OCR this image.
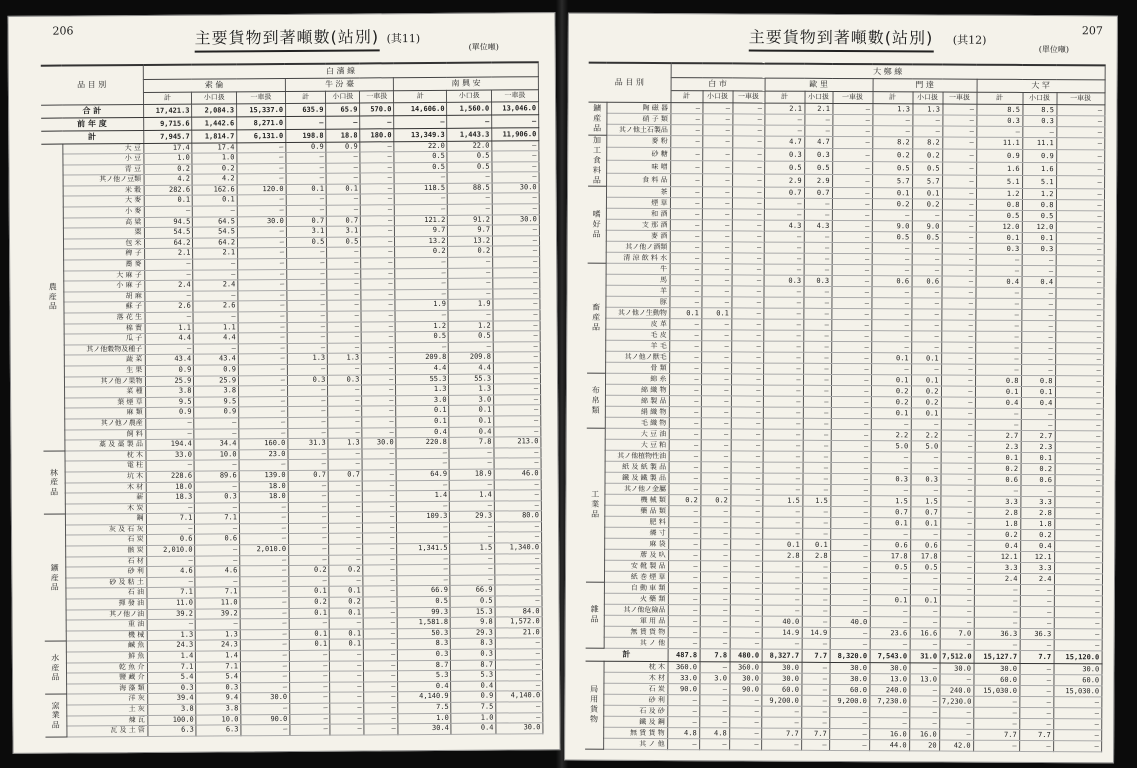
206	主要貨物到著噸數(站別) (其11)
(單位噸)
品 目 別		白 濱 線								
		索 倫			牛 汾 臺			南 興 安		
		計	小口扱	一車扱	計	小口扱	一車扱	計	小口扱	一車扱
合 計		17,421.3	2,084.3	15,337.0	635.9	65.9	570.0	14,606.0	1,560.0	13,046.0
前 年 度		9,715.6	1,442.6	8,271.0	—	—	—	—	—	—
計		7,945.7	1,814.7	6,131.0	198.8	18.8	180.0	13,349.3	1,443.3	11,906.0
農 産 品	大 豆	17.4	17.4	—	0.9	0.9	—	22.0	22.0	—
	小 豆	1.0	1.0	—	—	—	—	0.5	0.5	—
	青 豆	0.2	0.2	—	—	—	—	0.5	0.5	—
	其ノ他ノ豆類	4.2	4.2	—	—	—	—	—	—	—
	米 穀	282.6	162.6	120.0	0.1	0.1	—	118.5	88.5	30.0
	大 麥	0.1	0.1	—	—	—	—	—	—	—
	小 麥	—	—	—	—	—	—	—	—	—
	高 粱	94.5	64.5	30.0	0.7	0.7	—	121.2	91.2	30.0
	粟	54.5	54.5	—	3.1	3.1	—	9.7	9.7	—
	包 米	64.2	64.2	—	0.5	0.5	—	13.2	13.2	—
	稗 子	2.1	2.1	—	—	—	—	0.2	0.2	—
	蕎 麥	—	—	—	—	—	—	—	—	—
	大 麻 子	—	—	—	—	—	—	—	—	—
	小 麻 子	2.4	2.4	—	—	—	—	—	—	—
	胡 麻	—	—	—	—	—	—	—	—	—
	蘇 子	2.6	2.6	—	—	—	—	1.9	1.9	—
	落 花 生	—	—	—	—	—	—	—	—	—
	棉 實	1.1	1.1	—	—	—	—	1.2	1.2	—
	瓜 子	4.4	4.4	—	—	—	—	0.5	0.5	—
	其ノ他穀物及種子	—	—	—	—	—	—	—	—	—
	蔬 菜	43.4	43.4	—	1.3	1.3	—	209.8	209.8	—
	生 果	0.9	0.9	—	—	—	—	4.4	4.4	—
	其ノ他ノ果物	25.9	25.9	—	0.3	0.3	—	55.3	55.3	—
	菜 種	3.8	3.8	—	—	—	—	1.3	1.3	—
	葉 煙 草	9.5	9.5	—	—	—	—	3.0	3.0	—
	麻 類	0.9	0.9	—	—	—	—	0.1	0.1	—
	其ノ他ノ農産	—	—	—	—	—	—	0.1	0.1	—
	飼 料	—	—	—	—	—	—	0.4	0.4	—
	藁 及 藁 製 品	194.4	34.4	160.0	31.3	1.3	30.0	220.8	7.8	213.0
林 産 品	枕 木	33.0	10.0	23.0	—	—	—	—	—	—
	電 柱	—	—	—	—	—	—	—	—	—
	坑 木	228.6	89.6	139.0	0.7	0.7	—	64.9	18.9	46.0
	木 材	18.0	—	18.0	—	—	—	—	—	—
	薪	18.3	0.3	18.0	—	—	—	1.4	1.4	—
	木 炭	—	—	—	—	—	—	—	—	—
鑛 産 品	鋼	7.1	7.1	—	—	—	—	109.3	29.3	80.0
	灰 及 石 灰	—	—	—	—	—	—	—	—	—
	石 炭	0.6	0.6	—	—	—	—	—	—	—
	骸 炭	2,010.0	—	2,010.0	—	—	—	1,341.5	1.5	1,340.0
	石 材	—	—	—	—	—	—	—	—	—
	砂 利	4.6	4.6	—	0.2	0.2	—	—	—	—
	砂 及 粘 土	—	—	—	—	—	—	—	—	—
	石 油	7.1	7.1	—	0.1	0.1	—	66.9	66.9	—
	揮 發 油	11.0	11.0	—	0.2	0.2	—	0.5	0.5	—
	其ノ他ノ油	39.2	39.2	—	0.1	0.1	—	99.3	15.3	84.0
	重 油	—	—	—	—	—	—	1,581.8	9.8	1,572.0
	機 械	1.3	1.3	—	0.1	0.1	—	50.3	29.3	21.0
水 産 品	鹹 魚	24.3	24.3	—	0.1	0.1	—	8.3	8.3	—
	鮮 魚	1.4	1.4	—	—	—	—	0.3	0.3	—
	乾 魚 介	7.1	7.1	—	—	—	—	8.7	8.7	—
	鹽 藏 介	5.4	5.4	—	—	—	—	5.3	5.3	—
	海 藻 類	0.3	0.3	—	—	—	—	0.4	0.4	—
窯 業 品	洋 灰	39.4	9.4	30.0	—	—	—	4,140.9	0.9	4,140.0
	土 灰	3.8	3.8	—	—	—	—	7.5	7.5	—
	煉 瓦	100.0	10.0	90.0	—	—	—	1.0	1.0	—
	瓦 及 土 管	6.3	6.3	—	—	—	—	30.4	0.4	30.0
207
主要貨物到著噸數(站別) (其12)
(單位噸)
品 目 別		大 鄭 線											
		白 市			歐 里			門 達			大 罕		
		計	小口扱	一車扱	計	小口扱	一車扱	計	小口扱	一車扱	計	小口扱	一車扱
鑛 産 品	陶 磁 器	—	—	—	2.1	2.1	—	1.3	1.3	—	8.5	8.5	—
	硝 子 類	—	—	—	—	—	—	—	—	—	0.3	0.3	—
	其ノ他土石製品	—	—	—	—	—	—	—	—	—	—	—	—
加工食料品	麥 粉	—	—	—	4.7	4.7	—	8.2	8.2	—	11.1	11.1	—
	砂 糖	—	—	—	0.3	0.3	—	0.2	0.2	—	0.9	0.9	—
	味 噌	—	—	—	0.5	0.5	—	0.5	0.5	—	1.6	1.6	—
	食 料 品	—	—	—	2.9	2.9	—	5.7	5.7	—	5.1	5.1	—
嗜 好 品	茶	—	—	—	0.7	0.7	—	0.1	0.1	—	1.2	1.2	—
	煙 草	—	—	—	—	—	—	0.2	0.2	—	0.8	0.8	—
	和 酒	—	—	—	—	—	—	—	—	—	0.5	0.5	—
	支 那 酒	—	—	—	4.3	4.3	—	9.0	9.0	—	12.0	12.0	—
	麥 酒	—	—	—	—	—	—	0.5	0.5	—	0.1	0.1	—
	其ノ他ノ酒類	—	—	—	—	—	—	—	—	—	0.3	0.3	—
	清 涼 飲 料 水	—	—	—	—	—	—	—	—	—	—	—	—
畜 産 品	牛	—	—	—	—	—	—	—	—	—	—	—	—
	馬	—	—	—	0.3	0.3	—	0.6	0.6	—	0.4	0.4	—
	羊	—	—	—	—	—	—	—	—	—	—	—	—
	豚	—	—	—	—	—	—	—	—	—	—	—	—
	其ノ他ノ生動物	0.1	0.1	—	—	—	—	—	—	—	—	—	—
	皮 革	—	—	—	—	—	—	—	—	—	—	—	—
	毛 皮	—	—	—	—	—	—	—	—	—	—	—	—
	羊 毛	—	—	—	—	—	—	—	—	—	—	—	—
	其ノ他ノ獸毛	—	—	—	—	—	—	0.1	0.1	—	—	—	—
	骨 類	—	—	—	—	—	—	—	—	—	—	—	—
布 帛 類	綿 糸	—	—	—	—	—	—	0.1	0.1	—	0.8	0.8	—
	綿 織 物	—	—	—	—	—	—	0.2	0.2	—	0.1	0.1	—
	綿 製 品	—	—	—	—	—	—	0.2	0.2	—	0.4	0.4	—
	絹 織 物	—	—	—	—	—	—	0.1	0.1	—	—	—	—
	毛 織 物	—	—	—	—	—	—	—	—	—	—	—	—
工 業 品	大 豆 油	—	—	—	—	—	—	2.2	2.2	—	2.7	2.7	—
	大 豆 粕	—	—	—	—	—	—	5.0	5.0	—	2.3	2.3	—
	其ノ他植物性油	—	—	—	—	—	—	—	—	—	0.1	0.1	—
	紙 及 紙 製 品	—	—	—	—	—	—	—	—	—	0.2	0.2	—
	鐵 及 鐵 製 品	—	—	—	—	—	—	0.3	0.3	—	0.6	0.6	—
	其ノ他ノ金屬	—	—	—	—	—	—	—	—	—	—	—	—
	機 械 類	0.2	0.2	—	1.5	1.5	—	1.5	1.5	—	3.3	3.3	—
	藥 品 類	—	—	—	—	—	—	0.7	0.7	—	2.8	2.8	—
	肥 料	—	—	—	—	—	—	0.1	0.1	—	1.8	1.8	—
	燐 寸	—	—	—	—	—	—	—	—	—	0.2	0.2	—
	麻 袋	—	—	—	0.1	0.1	—	0.6	0.6	—	0.4	0.4	—
	蓆 及 叺	—	—	—	2.8	2.8	—	17.8	17.8	—	12.1	12.1	—
	安 靴 製 品	—	—	—	—	—	—	0.5	0.5	—	3.3	3.3	—
	紙 巻 煙 草	—	—	—	—	—	—	—	—	—	2.4	2.4	—
雜 品	自 動 車 類	—	—	—	—	—	—	—	—	—	—	—	—
	火 藥 類	—	—	—	—	—	—	0.1	0.1	—	—	—	—
	其ノ他危險品	—	—	—	—	—	—	—	—	—	—	—	—
	軍 用 品	—	—	—	40.0	—	40.0	—	—	—	—	—	—
	無 賃 貨 物	—	—	—	14.9	14.9	—	23.6	16.6	7.0	36.3	36.3	—
	其 ノ 他	—	—	—	—	—	—	—	—	—	—	—	—
計		487.8	7.8	480.0	8,327.7	7.7	8,320.0	7,543.0	31.0	7,512.0	15,127.7	7.7	15,120.0
局 用 貨 物	枕 木	360.0	—	360.0	30.0	—	30.0	30.0	—	30.0	30.0	—	30.0
	木 材	33.0	3.0	30.0	30.0	—	30.0	13.0	13.0	—	60.0	—	60.0
	石 炭	90.0	—	90.0	60.0	—	60.0	240.0	—	240.0	15,030.0	—	15,030.0
	砂 利	—	—	—	9,200.0	—	9,200.0	7,230.0	—	7,230.0	—	—	—
	石 及 砂	—	—	—	—	—	—	—	—	—	—	—	—
	鐵 及 鋼	—	—	—	—	—	—	—	—	—	—	—	—
	無 賃 貨 物	4.8	4.8	—	7.7	7.7	—	16.0	16.0	—	7.7	7.7	—
	其 ノ 他	—	—	—	—	—	—	44.0	20	42.0	—	—	—
